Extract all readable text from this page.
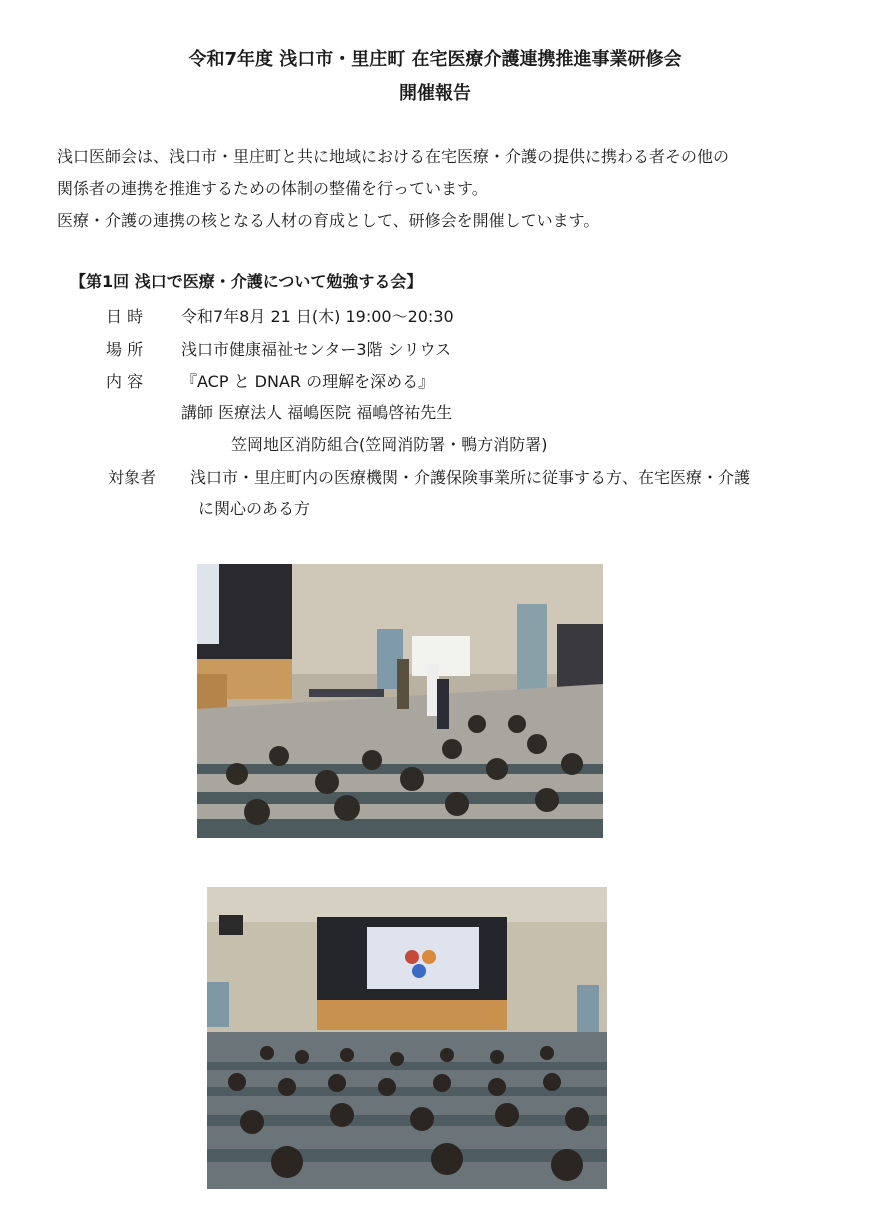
令和7年度 浅口市・里庄町 在宅医療介護連携推進事業研修会
開催報告
浅口医師会は、浅口市・里庄町と共に地域における在宅医療・介護の提供に携わる者その他の
関係者の連携を推進するための体制の整備を行っています。
医療・介護の連携の核となる人材の育成として、研修会を開催しています。
【第1回 浅口で医療・介護について勉強する会】
日 時 令和7年8月 21 日(木) 19:00～20:30
場 所 浅口市健康福祉センター3階 シリウス
内 容 『ACP と DNAR の理解を深める』
講師 医療法人 福嶋医院 福嶋啓祐先生
笠岡地区消防組合(笠岡消防署・鴨方消防署)
対象者 浅口市・里庄町内の医療機関・介護保険事業所に従事する方、在宅医療・介護
に関心のある方
